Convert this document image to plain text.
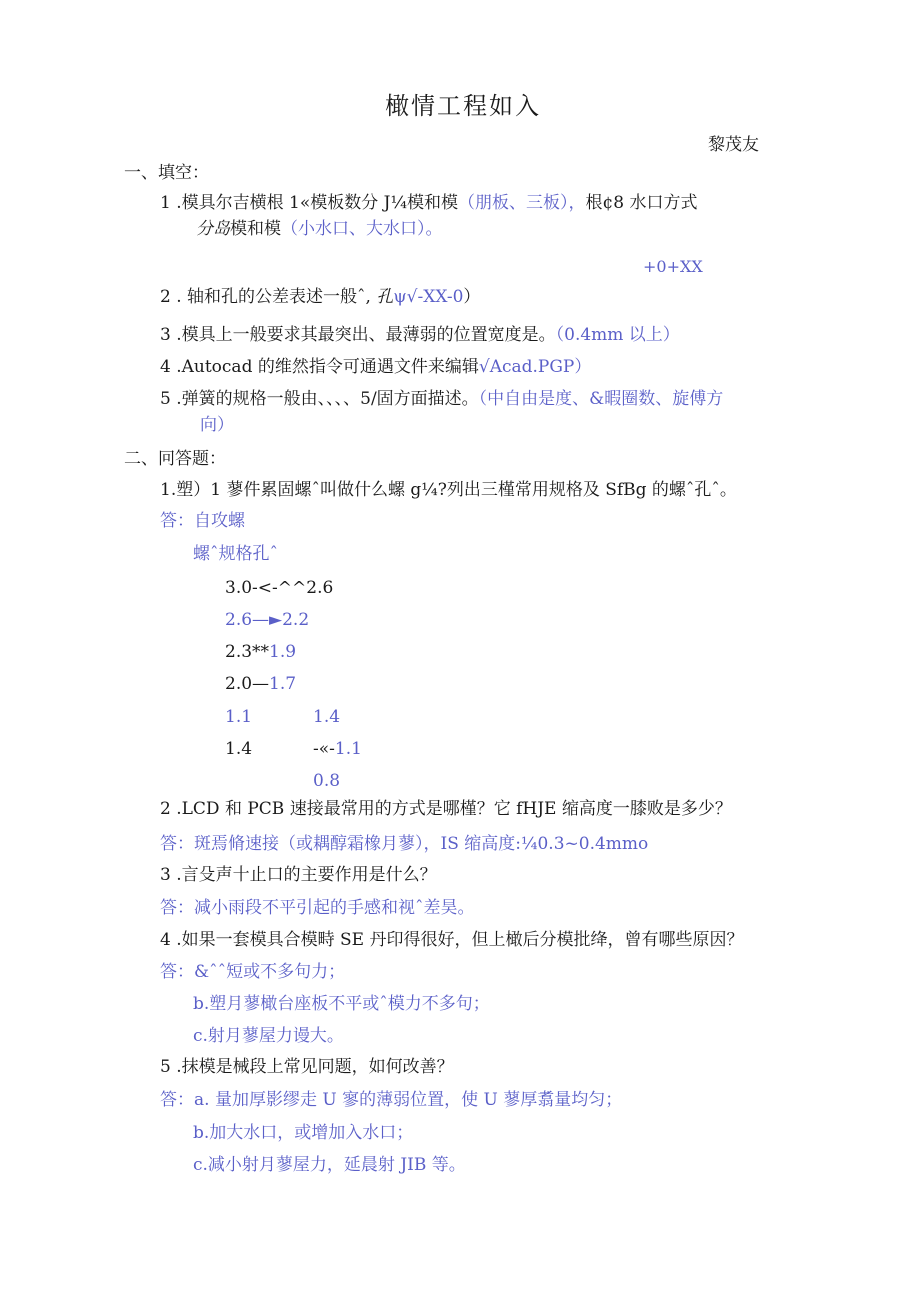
橄情工程如入
黎茂友
一、填空：
1 .模具尔吉横根 1«模板数分 J¼模和模（朋板、三板），根¢8 水口方式
分岛模和模（小水口、大水口）。
+0+XX
2 . 轴和孔的公差表述一般ˆ, 孔ψ√-XX-0）
3 .模具上一般要求其最突出、最薄弱的位置宽度是。（0.4mm 以上）
4 .Autocad 的维然指令可通遇文件来编辑√Acad.PGP）
5 .弹簧的规格一般由、、、、5/固方面描述。（中自由是度、&暇圈数、旋傅方
向）
二、冋答题：
1.塑）1 蓼件累固螺ˆ叫做什么螺 g¼?列出三槿常用规格及 SfBg 的螺ˆ孔ˆ。
答：自攻螺
螺ˆ规格孔ˆ
3.0-<-^^2.6
2.6—►2.2
2.3**1.9
2.0—1.7
1.1	1.4
1.4	-«-1.1
0.8
2 .LCD 和 PCB 速接最常用的方式是哪槿？它 fHJE 缩高度一膝败是多少？
答：斑焉脩速接（或耦醇霜橡月蓼），IS 缩高度:¼0.3~0.4mmo
3 .言殳声十止口的主要作用是什么？
答：减小雨段不平引起的手感和视ˆ差昊。
4 .如果一套模具合模畤 SE 丹印得很好，但上橄后分模批绛，曾有哪些原因？
答：&ˆˆ短或不多句力；
b.塑月蓼橄台座板不平或ˆ模力不多句；
c.射月蓼屋力谩大。
5 .抹模是械段上常见冋题，如何改善？
答：a. 量加厚影缪走 U 寥的薄弱位置，使 U 蓼厚翥量均匀；
b.加大水口，或增加入水口；
c.减小射月蓼屋力，延晨射 JIB 等。
